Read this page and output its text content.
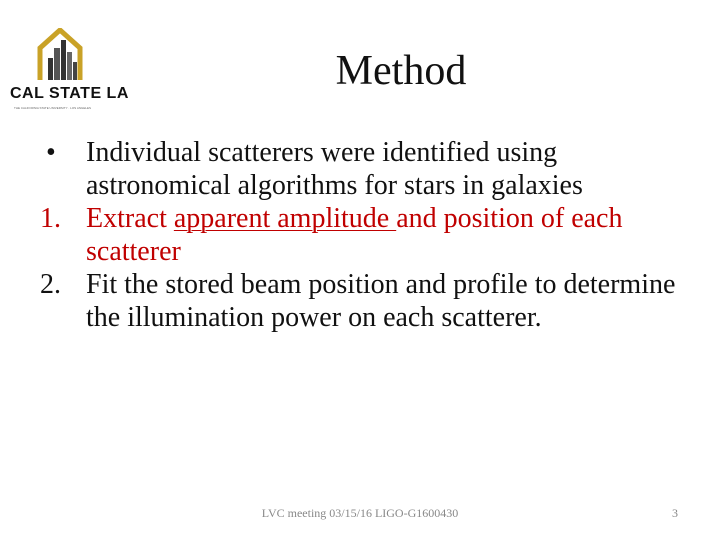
CAL STATE LA
THE CALIFORNIA STATE UNIVERSITY · LOS ANGELES
Method
• Individual scatterers were identified using astronomical algorithms for stars in galaxies
1. Extract apparent amplitude and position of each scatterer
2. Fit the stored beam position and profile to determine the illumination power on each scatterer.
LVC meeting 03/15/16 LIGO-G1600430	3
